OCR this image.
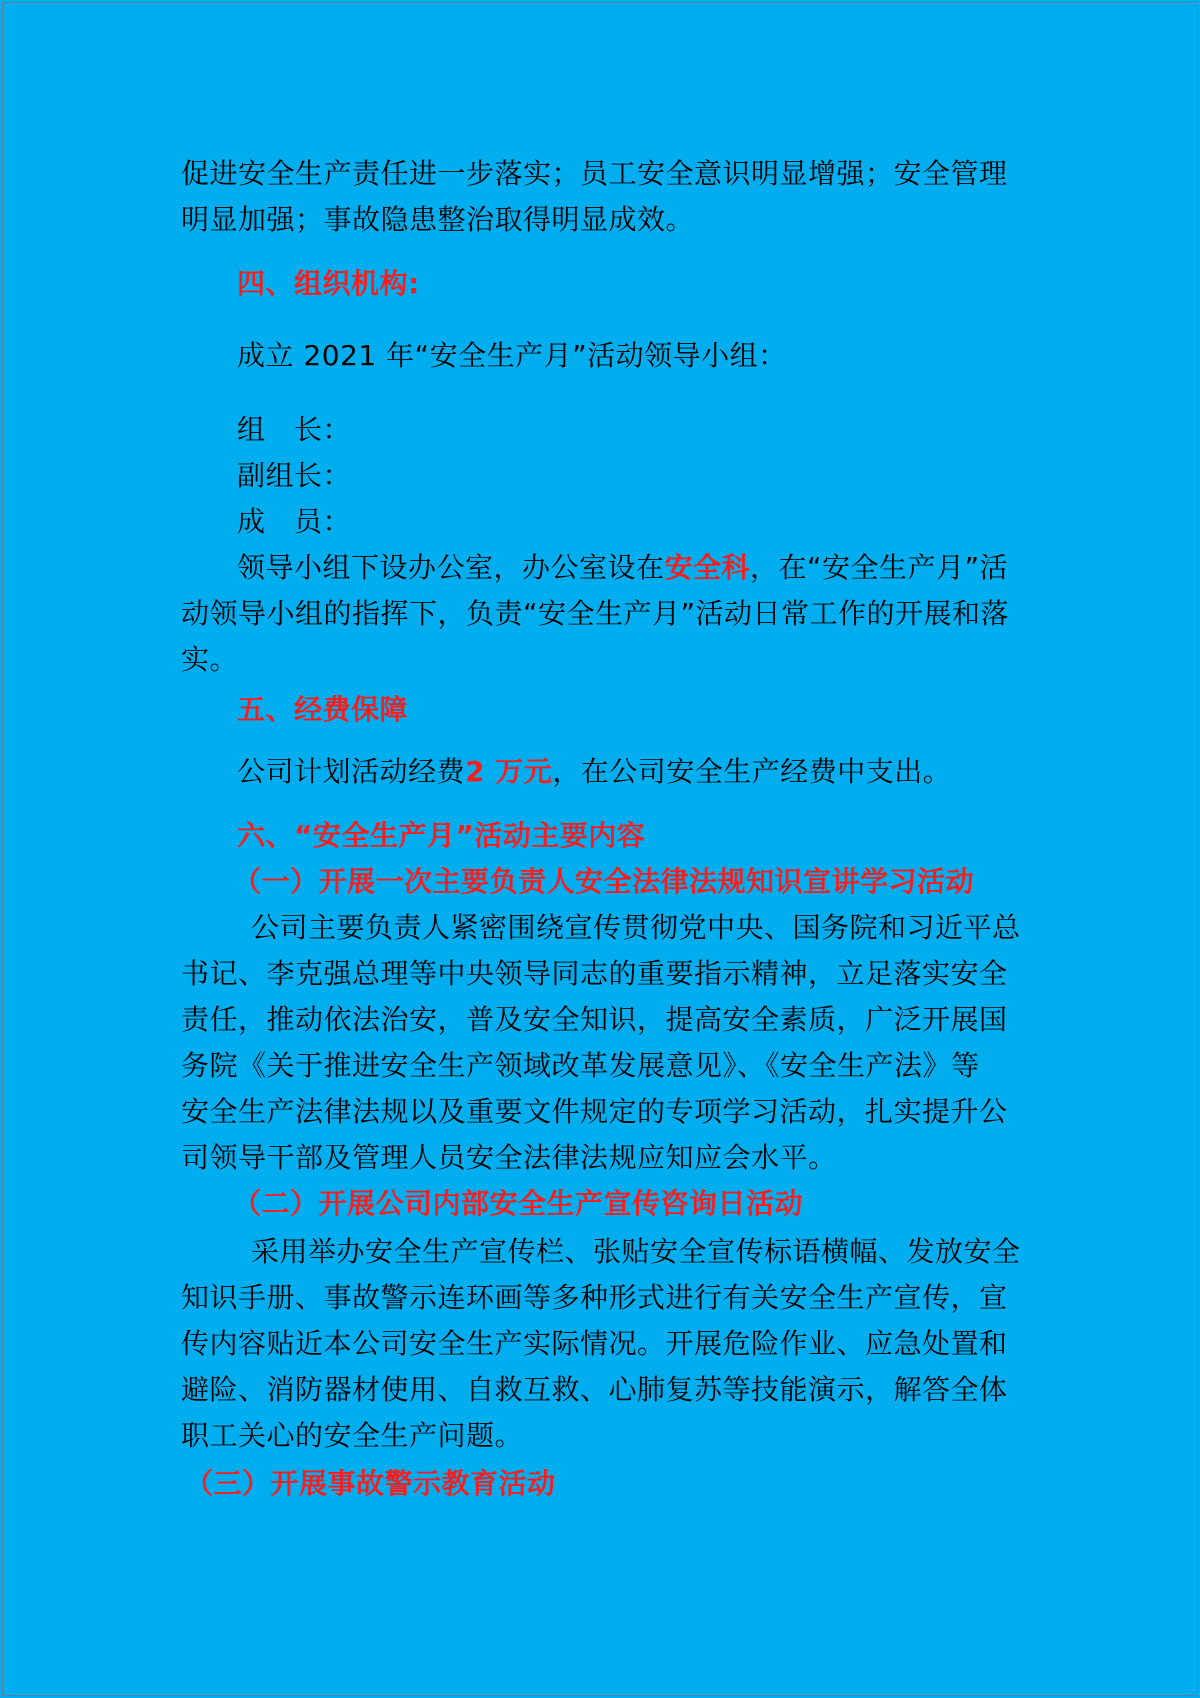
促进安全生产责任进一步落实；员工安全意识明显增强；安全管理
明显加强；事故隐患整治取得明显成效。
四、组织机构:
成立 2021 年“安全生产月”活动领导小组：
组　长：
副组长：
成　员：
领导小组下设办公室，办公室设在安全科，在“安全生产月”活
动领导小组的指挥下，负责“安全生产月”活动日常工作的开展和落
实。
五、经费保障
公司计划活动经费2 万元，在公司安全生产经费中支出。
六、“安全生产月”活动主要内容
（一）开展一次主要负责人安全法律法规知识宣讲学习活动
公司主要负责人紧密围绕宣传贯彻党中央、国务院和习近平总
书记、李克强总理等中央领导同志的重要指示精神，立足落实安全
责任，推动依法治安，普及安全知识，提高安全素质，广泛开展国
务院《关于推进安全生产领域改革发展意见》、《安全生产法》等
安全生产法律法规以及重要文件规定的专项学习活动，扎实提升公
司领导干部及管理人员安全法律法规应知应会水平。
（二）开展公司内部安全生产宣传咨询日活动
采用举办安全生产宣传栏、张贴安全宣传标语横幅、发放安全
知识手册、事故警示连环画等多种形式进行有关安全生产宣传，宣
传内容贴近本公司安全生产实际情况。开展危险作业、应急处置和
避险、消防器材使用、自救互救、心肺复苏等技能演示，解答全体
职工关心的安全生产问题。
（三）开展事故警示教育活动
